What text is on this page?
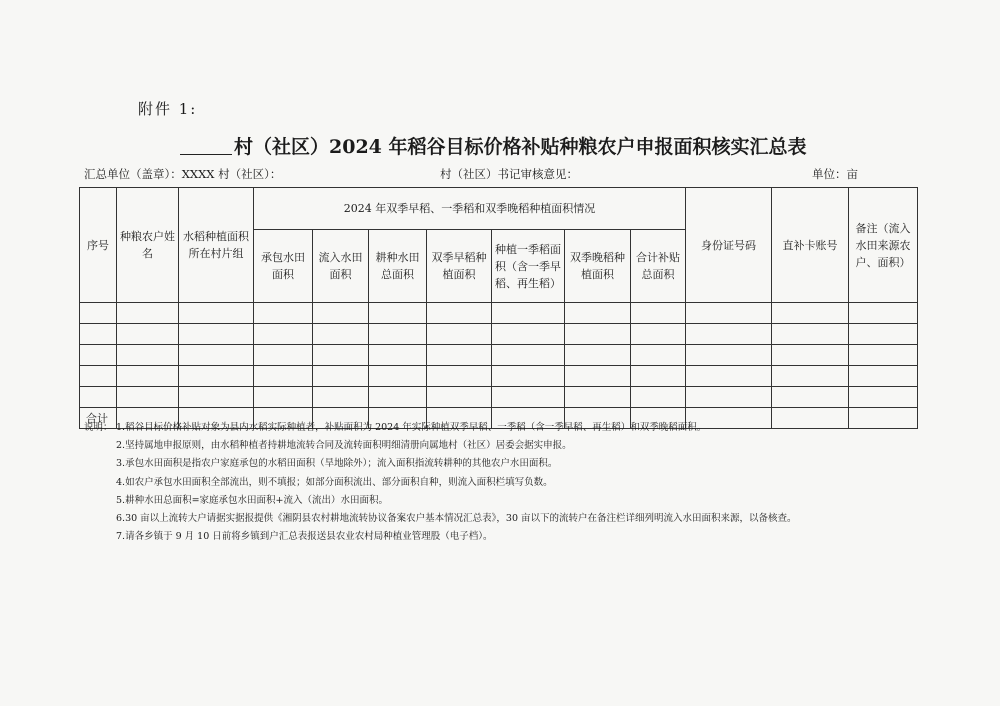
附件 1:
村（社区）2024 年稻谷目标价格补贴种粮农户申报面积核实汇总表
汇总单位（盖章）：XXXX 村（社区）：	村（社区）书记审核意见：	单位：亩
序号	种粮农户姓名	水稻种植面积所在村片组	2024 年双季早稻、一季稻和双季晚稻种植面积情况							身份证号码	直补卡账号	备注（流入水田来源农户、面积）
			承包水田面积	流入水田面积	耕种水田总面积	双季早稻种植面积	种植一季稻面积（含一季早稻、再生稻）	双季晚稻种植面积	合计补贴总面积			

合计												
说明： 1.稻谷目标价格补贴对象为县内水稻实际种植者，补贴面积为 2024 年实际种植双季早稻、一季稻（含一季早稻、再生稻）和双季晚稻面积。
2.坚持属地申报原则，由水稻种植者持耕地流转合同及流转面积明细清册向属地村（社区）居委会据实申报。
3.承包水田面积是指农户家庭承包的水稻田面积（旱地除外）；流入面积指流转耕种的其他农户水田面积。
4.如农户承包水田面积全部流出，则不填报；如部分面积流出、部分面积自种，则流入面积栏填写负数。
5.耕种水田总面积=家庭承包水田面积+流入（流出）水田面积。
6.30 亩以上流转大户请据实据报提供《湘阴县农村耕地流转协议备案农户基本情况汇总表》，30 亩以下的流转户在备注栏详细列明流入水田面积来源，以备核查。
7.请各乡镇于 9 月 10 日前将乡镇到户汇总表报送县农业农村局种植业管理股（电子档）。
